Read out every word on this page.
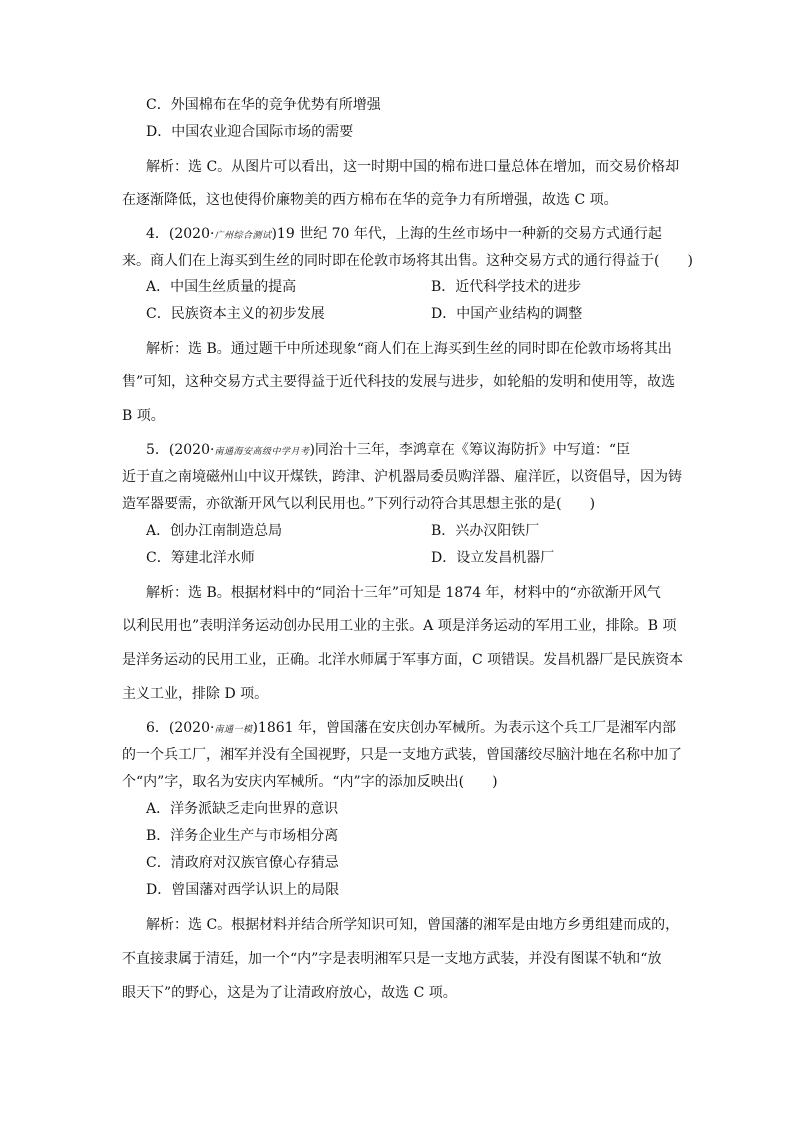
C．外国棉布在华的竞争优势有所增强
D．中国农业迎合国际市场的需要
解析：选 C。从图片可以看出，这一时期中国的棉布进口量总体在增加，而交易价格却
在逐渐降低，这也使得价廉物美的西方棉布在华的竞争力有所增强，故选 C 项。
4．(2020·广州综合测试)19 世纪 70 年代，上海的生丝市场中一种新的交易方式通行起
来。商人们在上海买到生丝的同时即在伦敦市场将其出售。这种交易方式的通行得益于(　　)
A．中国生丝质量的提高	B．近代科学技术的进步
C．民族资本主义的初步发展	D．中国产业结构的调整
解析：选 B。通过题干中所述现象“商人们在上海买到生丝的同时即在伦敦市场将其出
售”可知，这种交易方式主要得益于近代科技的发展与进步，如轮船的发明和使用等，故选
B 项。
5．(2020·南通海安高级中学月考)同治十三年，李鸿章在《筹议海防折》中写道：“臣
近于直之南境磁州山中议开煤铁，跨津、沪机器局委员购洋器、雇洋匠，以资倡导，因为铸
造军器要需，亦欲渐开风气以利民用也。”下列行动符合其思想主张的是(　　)
A．创办江南制造总局	B．兴办汉阳铁厂
C．筹建北洋水师	D．设立发昌机器厂
解析：选 B。根据材料中的“同治十三年”可知是 1874 年，材料中的“亦欲渐开风气
以利民用也”表明洋务运动创办民用工业的主张。A 项是洋务运动的军用工业，排除。B 项
是洋务运动的民用工业，正确。北洋水师属于军事方面，C 项错误。发昌机器厂是民族资本
主义工业，排除 D 项。
6．(2020·南通一模)1861 年，曾国藩在安庆创办军械所。为表示这个兵工厂是湘军内部
的一个兵工厂，湘军并没有全国视野，只是一支地方武装，曾国藩绞尽脑汁地在名称中加了
个“内”字，取名为安庆内军械所。“内”字的添加反映出(　　)
A．洋务派缺乏走向世界的意识
B．洋务企业生产与市场相分离
C．清政府对汉族官僚心存猜忌
D．曾国藩对西学认识上的局限
解析：选 C。根据材料并结合所学知识可知，曾国藩的湘军是由地方乡勇组建而成的，
不直接隶属于清廷，加一个“内”字是表明湘军只是一支地方武装，并没有图谋不轨和“放
眼天下”的野心，这是为了让清政府放心，故选 C 项。
